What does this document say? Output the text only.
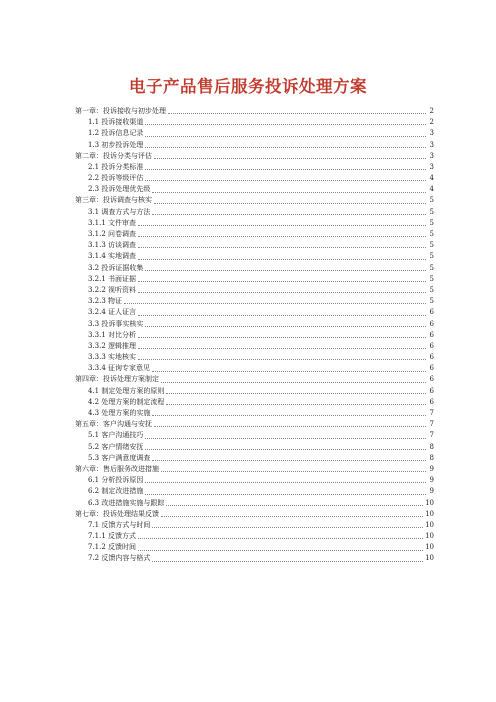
电子产品售后服务投诉处理方案
第一章：投诉接收与初步处理	2
1.1 投诉接收渠道	2
1.2 投诉信息记录	3
1.3 初步投诉处理	3
第二章：投诉分类与评估	3
2.1 投诉分类标准	3
2.2 投诉等级评估	4
2.3 投诉处理优先级	4
第三章：投诉调查与核实	5
3.1 调查方式与方法	5
3.1.1 文件审查	5
3.1.2 问卷调查	5
3.1.3 访谈调查	5
3.1.4 实地调查	5
3.2 投诉证据收集	5
3.2.1 书面证据	5
3.2.2 视听资料	5
3.2.3 物证	5
3.2.4 证人证言	6
3.3 投诉事实核实	6
3.3.1 对比分析	6
3.3.2 逻辑推理	6
3.3.3 实地核实	6
3.3.4 征询专家意见	6
第四章：投诉处理方案制定	6
4.1 制定处理方案的原则	6
4.2 处理方案的制定流程	6
4.3 处理方案的实施	7
第五章：客户沟通与安抚	7
5.1 客户沟通技巧	7
5.2 客户情绪安抚	8
5.3 客户满意度调查	8
第六章：售后服务改进措施	9
6.1 分析投诉原因	9
6.2 制定改进措施	9
6.3 改进措施实施与跟踪	10
第七章：投诉处理结果反馈	10
7.1 反馈方式与时间	10
7.1.1 反馈方式	10
7.1.2 反馈时间	10
7.2 反馈内容与格式	10
